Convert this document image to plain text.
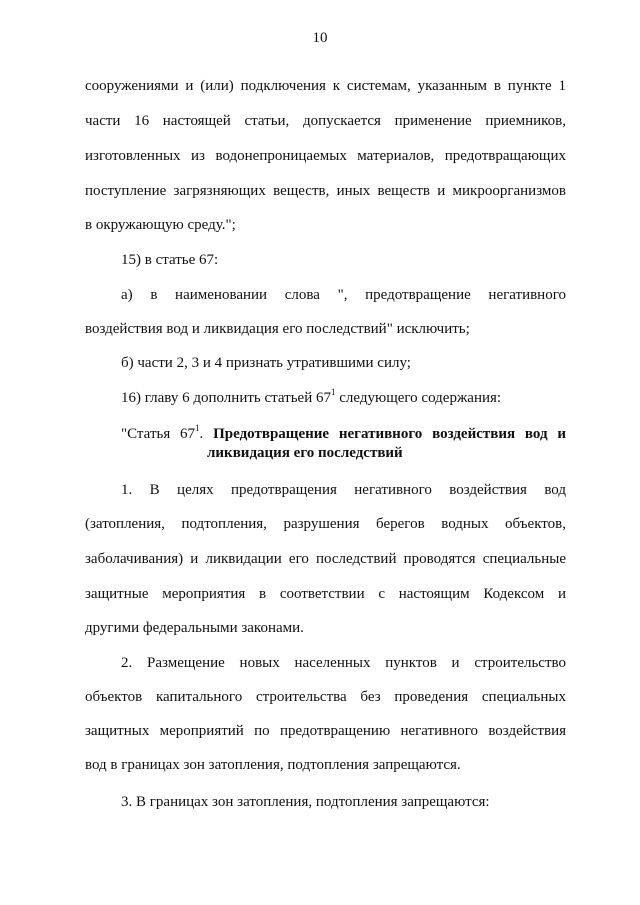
10
сооружениями и (или) подключения к системам, указанным в пункте 1
части 16 настоящей статьи, допускается применение приемников,
изготовленных из водонепроницаемых материалов, предотвращающих
поступление загрязняющих веществ, иных веществ и микроорганизмов
в окружающую среду.";
15) в статье 67:
а) в наименовании слова ", предотвращение негативного
воздействия вод и ликвидация его последствий" исключить;
б) части 2, 3 и 4 признать утратившими силу;
16) главу 6 дополнить статьей $67^1$ следующего содержания:
"Статья $67^1$. Предотвращение негативного воздействия вод и
ликвидация его последствий
1. В целях предотвращения негативного воздействия вод
(затопления, подтопления, разрушения берегов водных объектов,
заболачивания) и ликвидации его последствий проводятся специальные
защитные мероприятия в соответствии с настоящим Кодексом и
другими федеральными законами.
2. Размещение новых населенных пунктов и строительство
объектов капитального строительства без проведения специальных
защитных мероприятий по предотвращению негативного воздействия
вод в границах зон затопления, подтопления запрещаются.
3. В границах зон затопления, подтопления запрещаются:
